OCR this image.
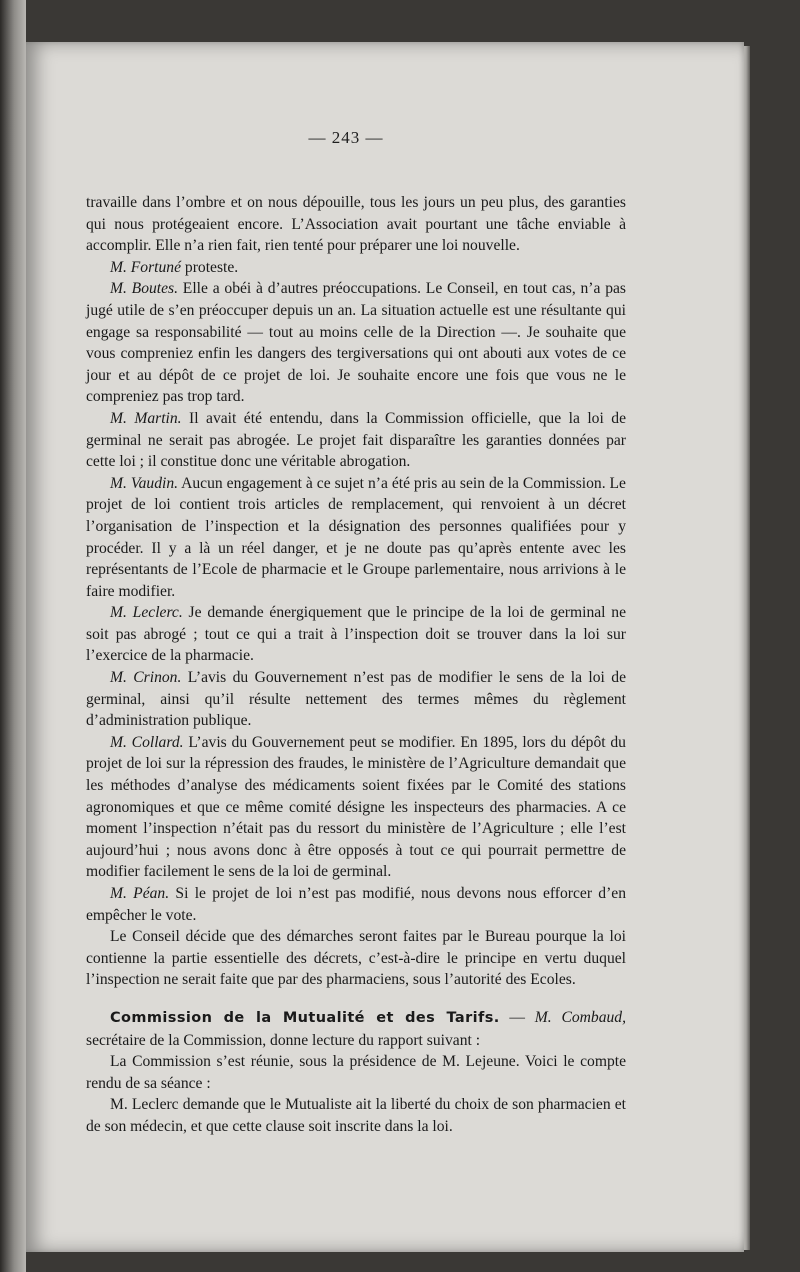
— 243 —

travaille dans l’ombre et on nous dépouille, tous les jours un peu plus, des garanties qui nous protégeaient encore. L’Association avait pourtant une tâche enviable à accomplir. Elle n’a rien fait, rien tenté pour préparer une loi nouvelle.

M. Fortuné proteste.

M. Boutes. Elle a obéi à d’autres préoccupations. Le Conseil, en tout cas, n’a pas jugé utile de s’en préoccuper depuis un an. La situation actuelle est une résultante qui engage sa responsabilité — tout au moins celle de la Direction —. Je souhaite que vous compreniez enfin les dangers des tergiversations qui ont abouti aux votes de ce jour et au dépôt de ce projet de loi. Je souhaite encore une fois que vous ne le compreniez pas trop tard.

M. Martin. Il avait été entendu, dans la Commission officielle, que la loi de germinal ne serait pas abrogée. Le projet fait disparaître les garanties données par cette loi ; il constitue donc une véritable abrogation.

M. Vaudin. Aucun engagement à ce sujet n’a été pris au sein de la Commission. Le projet de loi contient trois articles de remplacement, qui renvoient à un décret l’organisation de l’inspection et la désignation des personnes qualifiées pour y procéder. Il y a là un réel danger, et je ne doute pas qu’après entente avec les représentants de l’Ecole de pharmacie et le Groupe parlementaire, nous arrivions à le faire modifier.

M. Leclerc. Je demande énergiquement que le principe de la loi de germinal ne soit pas abrogé ; tout ce qui a trait à l’inspection doit se trouver dans la loi sur l’exercice de la pharmacie.

M. Crinon. L’avis du Gouvernement n’est pas de modifier le sens de la loi de germinal, ainsi qu’il résulte nettement des termes mêmes du règlement d’administration publique.

M. Collard. L’avis du Gouvernement peut se modifier. En 1895, lors du dépôt du projet de loi sur la répression des fraudes, le ministère de l’Agriculture demandait que les méthodes d’analyse des médicaments soient fixées par le Comité des stations agronomiques et que ce même comité désigne les inspecteurs des pharmacies. A ce moment l’inspection n’était pas du ressort du ministère de l’Agriculture ; elle l’est aujourd’hui ; nous avons donc à être opposés à tout ce qui pourrait permettre de modifier facilement le sens de la loi de germinal.

M. Péan. Si le projet de loi n’est pas modifié, nous devons nous efforcer d’en empêcher le vote.

Le Conseil décide que des démarches seront faites par le Bureau pourque la loi contienne la partie essentielle des décrets, c’est-à-dire le principe en vertu duquel l’inspection ne serait faite que par des pharmaciens, sous l’autorité des Ecoles.

Commission de la Mutualité et des Tarifs. — M. Combaud, secrétaire de la Commission, donne lecture du rapport suivant :

La Commission s’est réunie, sous la présidence de M. Lejeune. Voici le compte rendu de sa séance :

M. Leclerc demande que le Mutualiste ait la liberté du choix de son pharmacien et de son médecin, et que cette clause soit inscrite dans la loi.
